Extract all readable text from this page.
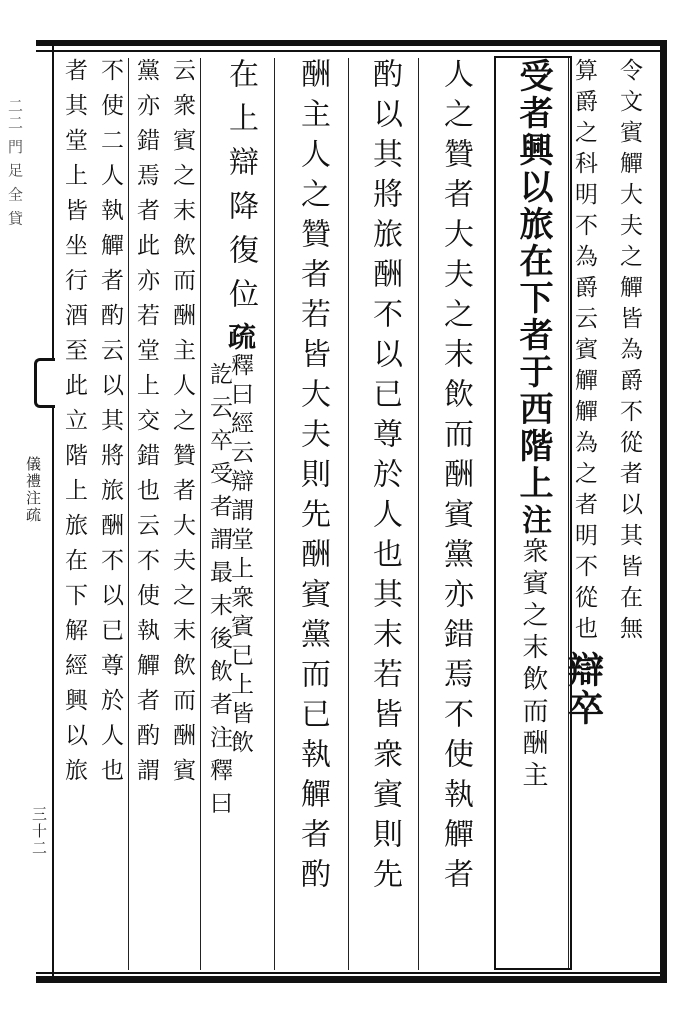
二二 門 足 全 貸
儀禮注疏
三十二
令文賓觶大夫之觶皆為爵不從者以其皆在無
算爵之科明不為爵云賓觶觶為之者明不從也
辯卒
受者興以旅在下者于西階上
注
衆賓之末飲而酬主
人之贊者大夫之末飲而酬賓黨亦錯焉不使執觶者
酌以其將旅酬不以已尊於人也其末若皆衆賓則先
酬主人之贊者若皆大夫則先酬賓黨而已執觶者酌
在上辯降復位
疏
釋曰經云辯謂堂上衆賓已上皆飲
訖云卒受者謂最末後飲者注釋曰
云衆賓之末飲而酬主人之贊者大夫之末飲而酬賓
黨亦錯焉者此亦若堂上交錯也云不使執觶者酌謂
不使二人執觶者酌云以其將旅酬不以已尊於人也
者其堂上皆坐行酒至此立階上旅在下解經興以旅
